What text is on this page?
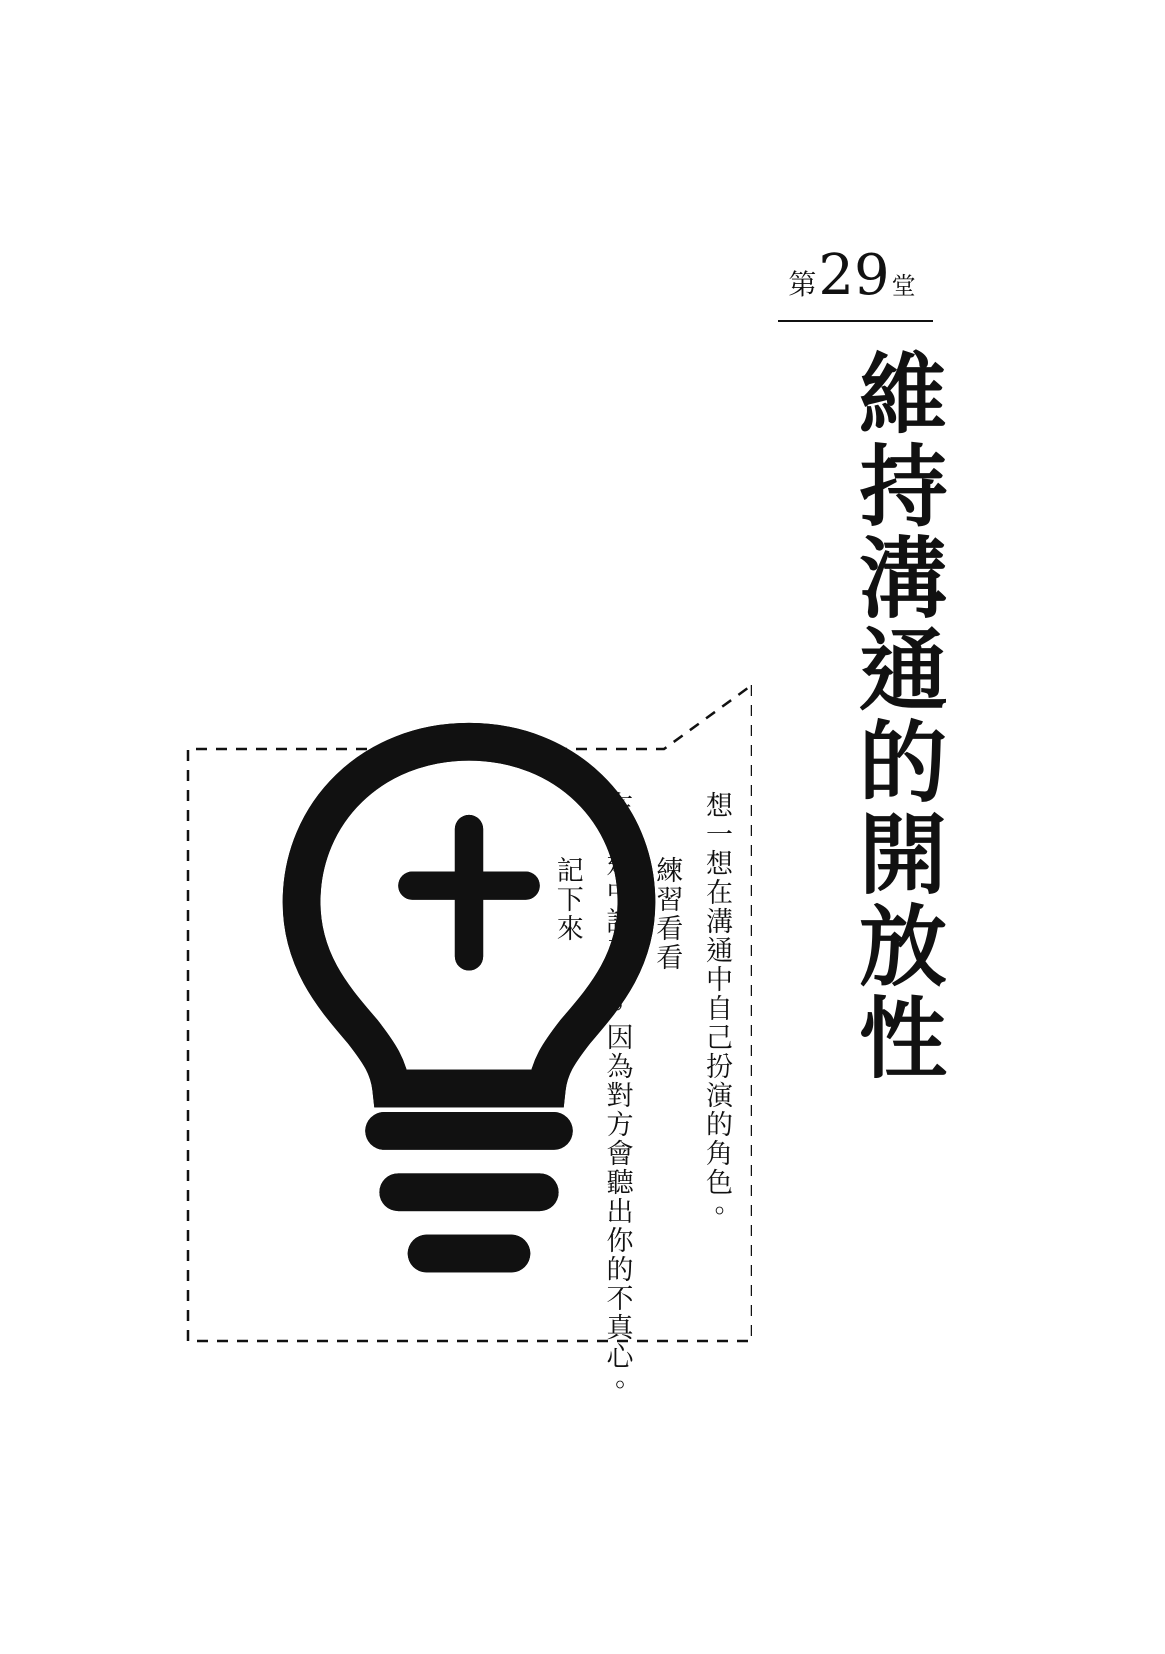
第 29 堂
維持溝通的開放性
記下來 在溝通中說真話，因為對方會聽出你的不真心。 練習看看 想一想在溝通中自己扮演的角色。
